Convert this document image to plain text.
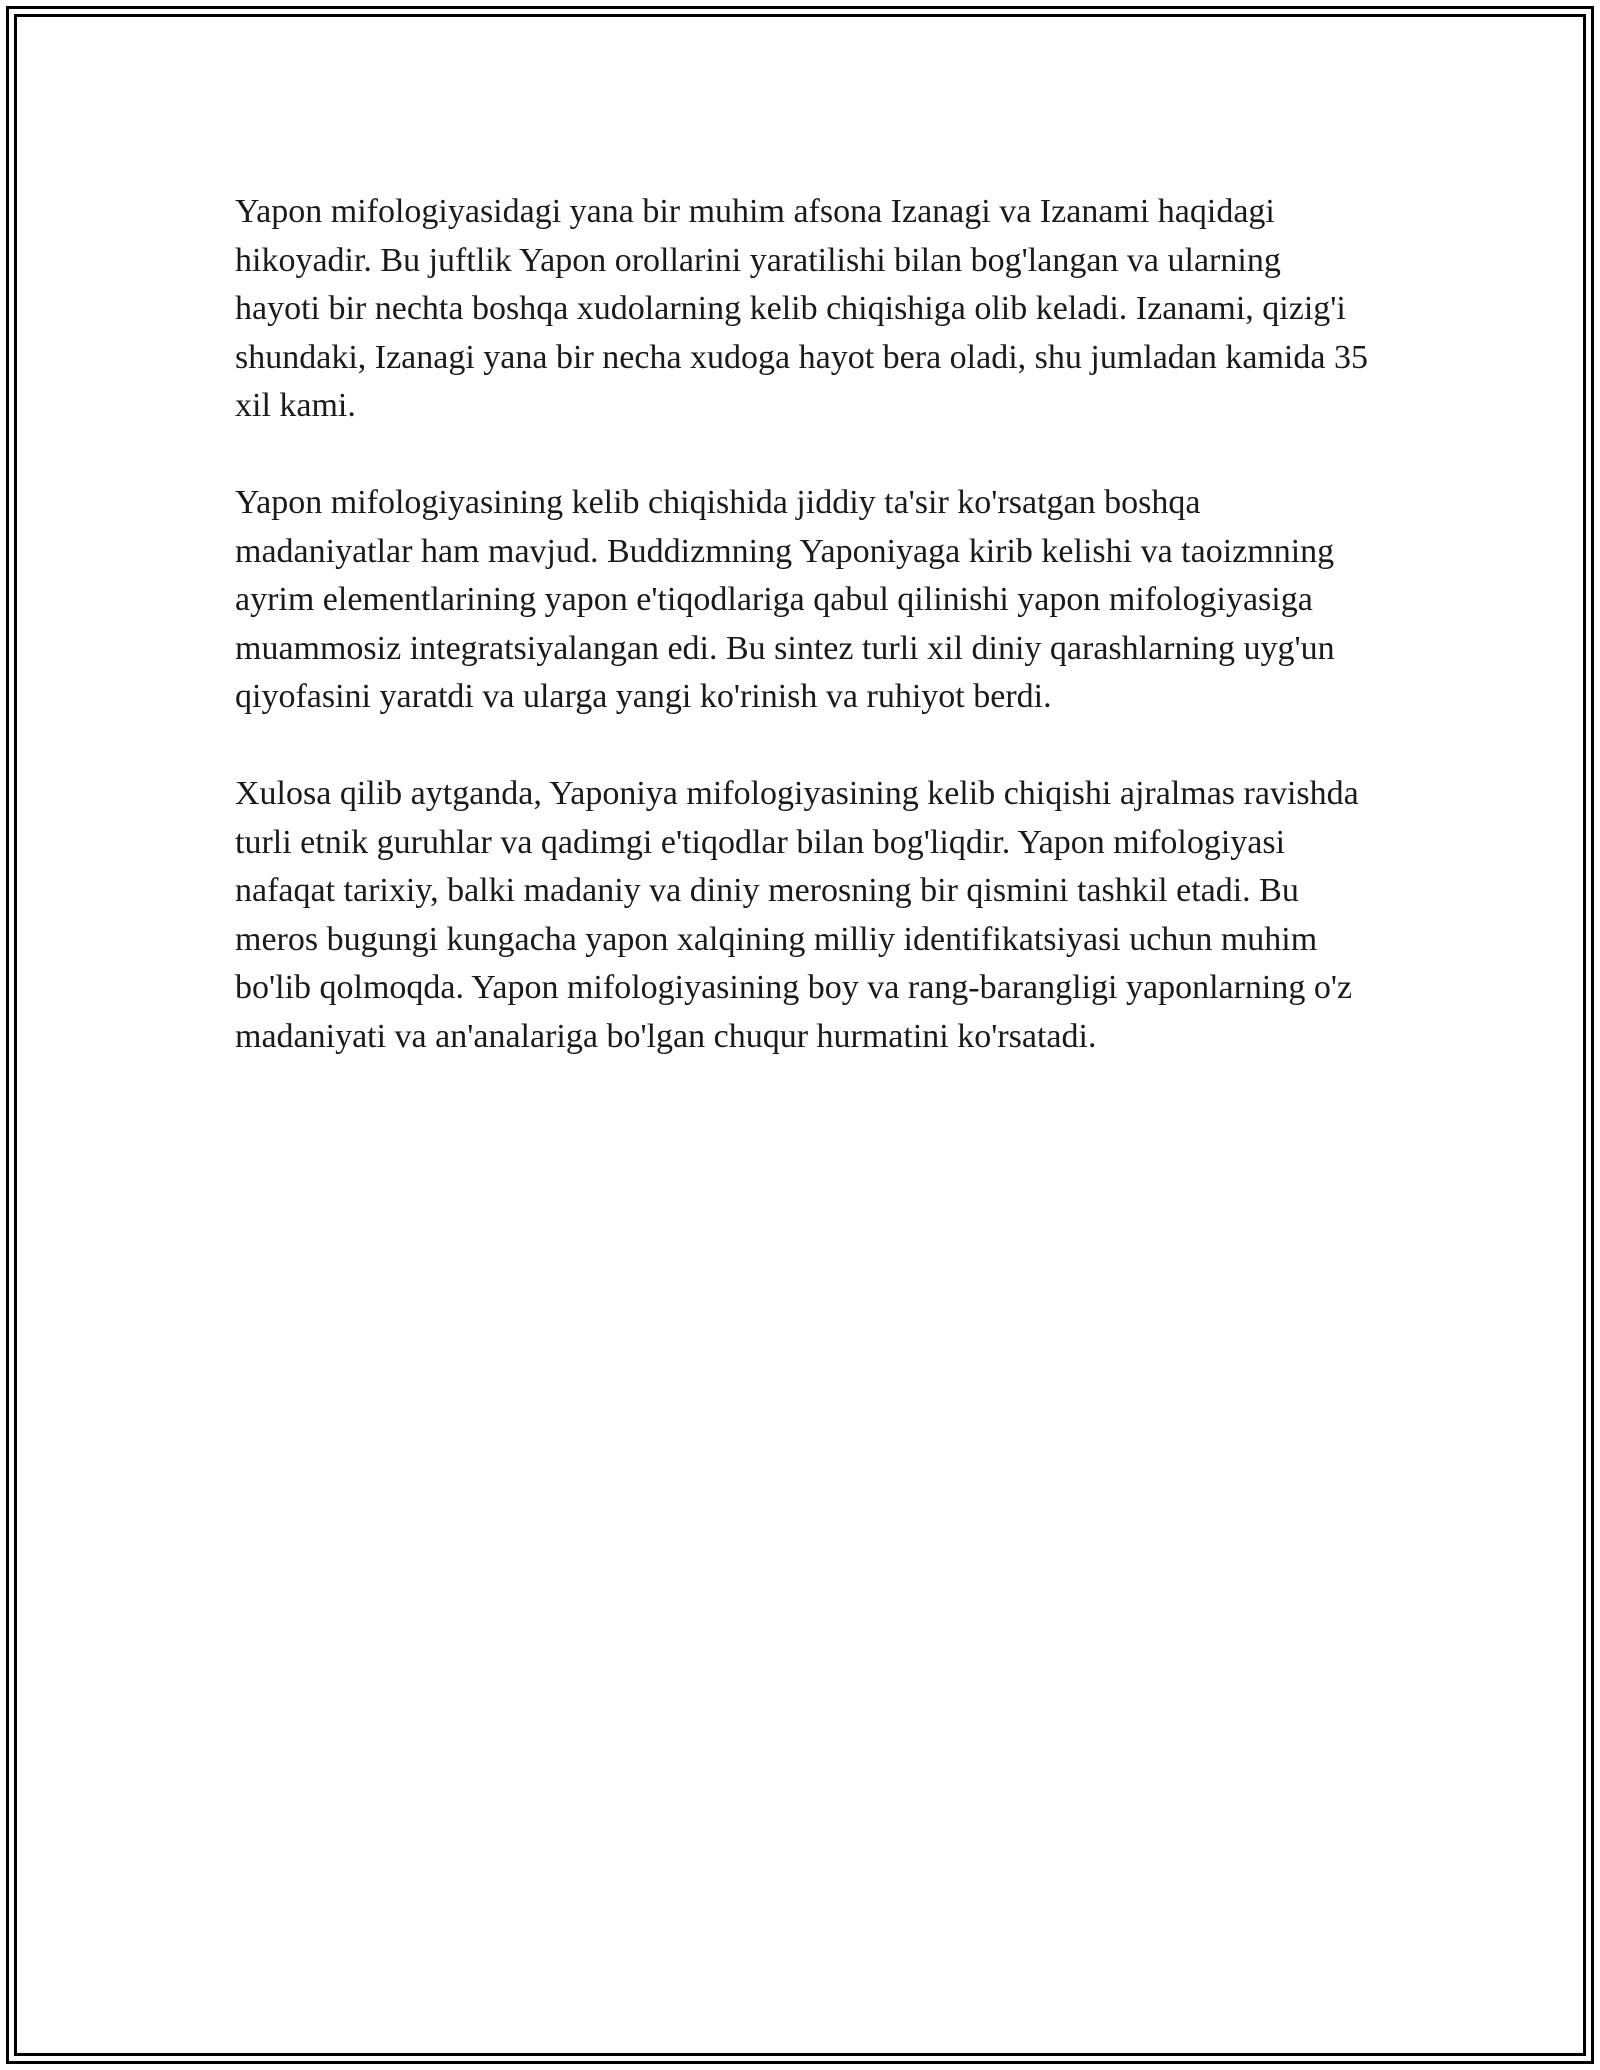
Yapon mifologiyasidagi yana bir muhim afsona Izanagi va Izanami haqidagi hikoyadir. Bu juftlik Yapon orollarini yaratilishi bilan bog'langan va ularning hayoti bir nechta boshqa xudolarning kelib chiqishiga olib keladi. Izanami, qizig'i shundaki, Izanagi yana bir necha xudoga hayot bera oladi, shu jumladan kamida 35 xil kami.

Yapon mifologiyasining kelib chiqishida jiddiy ta'sir ko'rsatgan boshqa madaniyatlar ham mavjud. Buddizmning Yaponiyaga kirib kelishi va taoizmning ayrim elementlarining yapon e'tiqodlariga qabul qilinishi yapon mifologiyasiga muammosiz integratsiyalangan edi. Bu sintez turli xil diniy qarashlarning uyg'un qiyofasini yaratdi va ularga yangi ko'rinish va ruhiyot berdi.

Xulosa qilib aytganda, Yaponiya mifologiyasining kelib chiqishi ajralmas ravishda turli etnik guruhlar va qadimgi e'tiqodlar bilan bog'liqdir. Yapon mifologiyasi nafaqat tarixiy, balki madaniy va diniy merosning bir qismini tashkil etadi. Bu meros bugungi kungacha yapon xalqining milliy identifikatsiyasi uchun muhim bo'lib qolmoqda. Yapon mifologiyasining boy va rang-barangligi yaponlarning o'z madaniyati va an'analariga bo'lgan chuqur hurmatini ko'rsatadi.
